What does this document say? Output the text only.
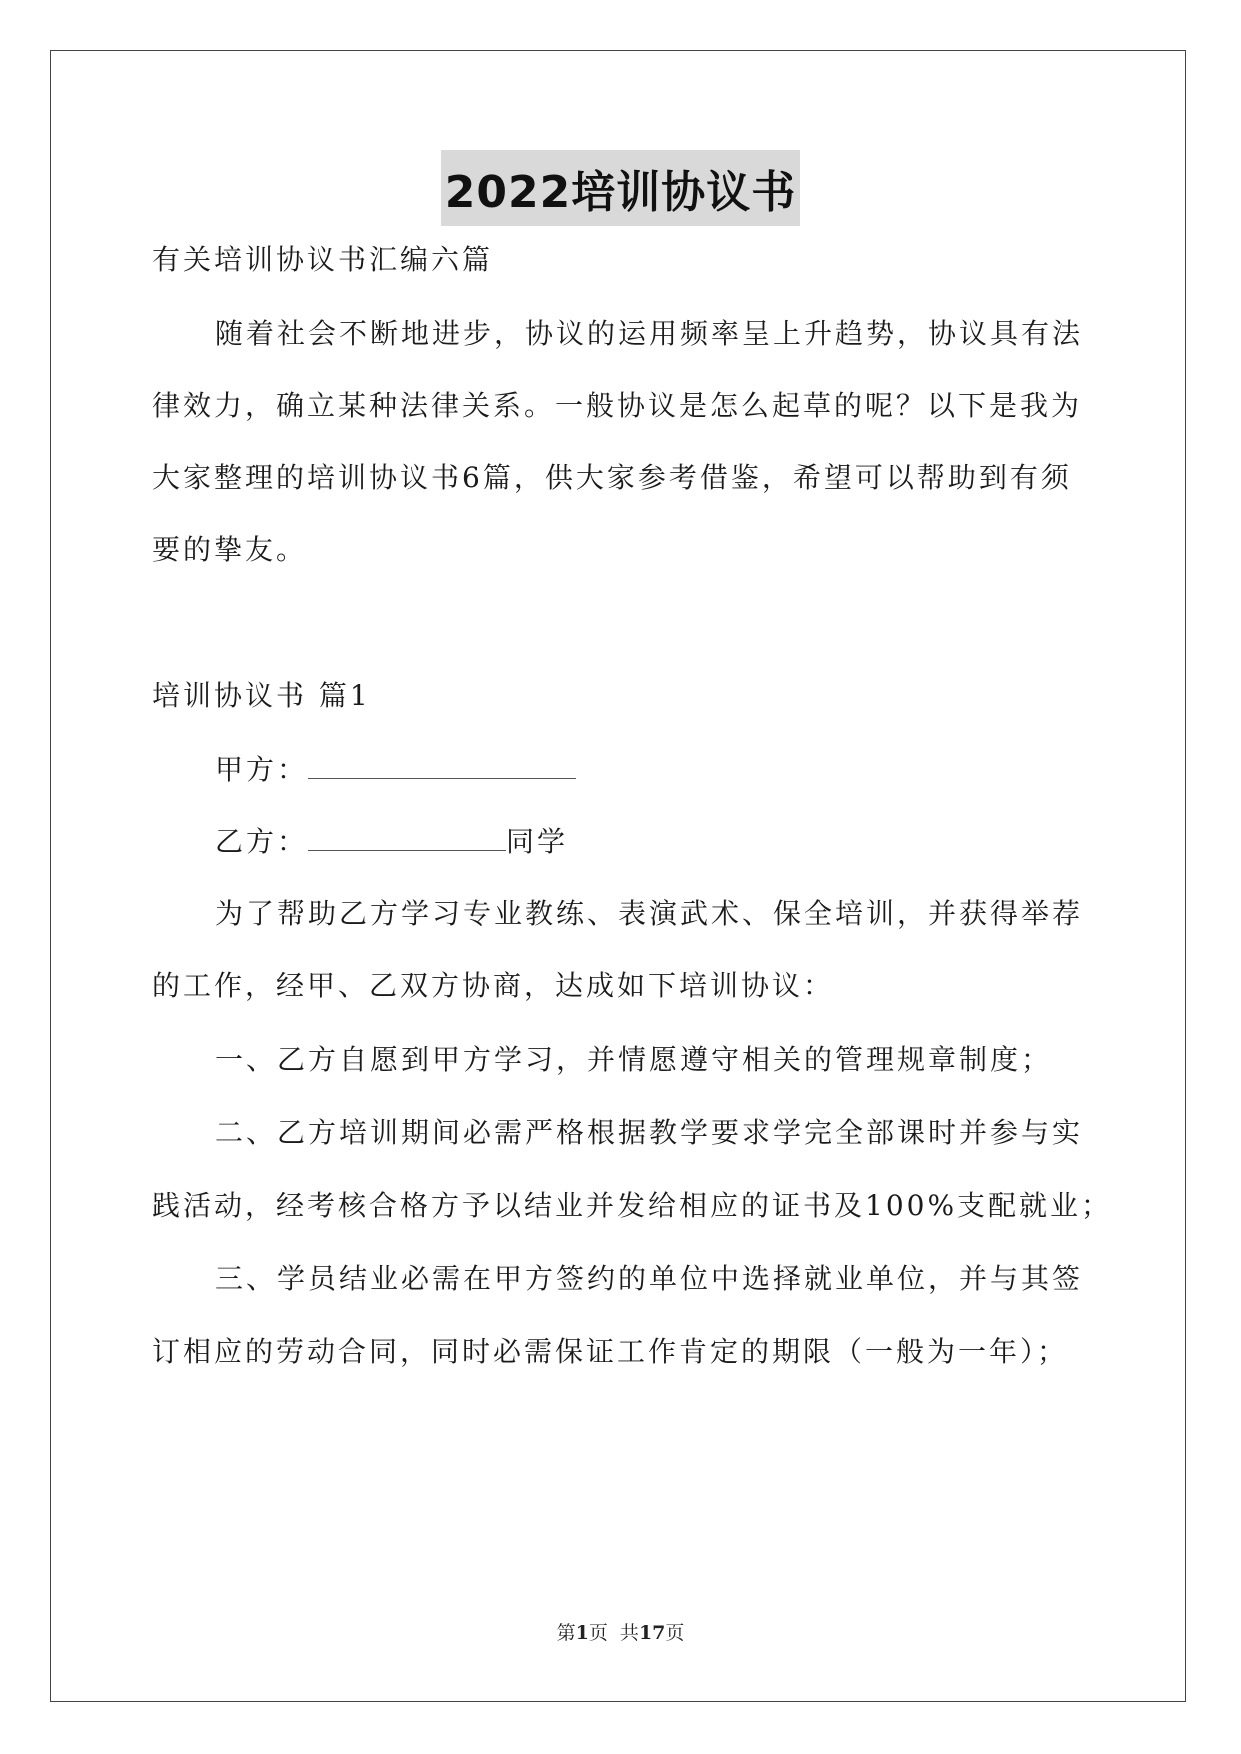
2022培训协议书
有关培训协议书汇编六篇
随着社会不断地进步，协议的运用频率呈上升趋势，协议具有法
律效力，确立某种法律关系。一般协议是怎么起草的呢？以下是我为
大家整理的培训协议书6篇，供大家参考借鉴，希望可以帮助到有须
要的挚友。
培训协议书 篇1
甲方：
乙方：	同学
为了帮助乙方学习专业教练、表演武术、保全培训，并获得举荐
的工作，经甲、乙双方协商，达成如下培训协议：
一、乙方自愿到甲方学习，并情愿遵守相关的管理规章制度；
二、乙方培训期间必需严格根据教学要求学完全部课时并参与实
践活动，经考核合格方予以结业并发给相应的证书及100%支配就业；
三、学员结业必需在甲方签约的单位中选择就业单位，并与其签
订相应的劳动合同，同时必需保证工作肯定的期限（一般为一年）；
第1页  共17页
